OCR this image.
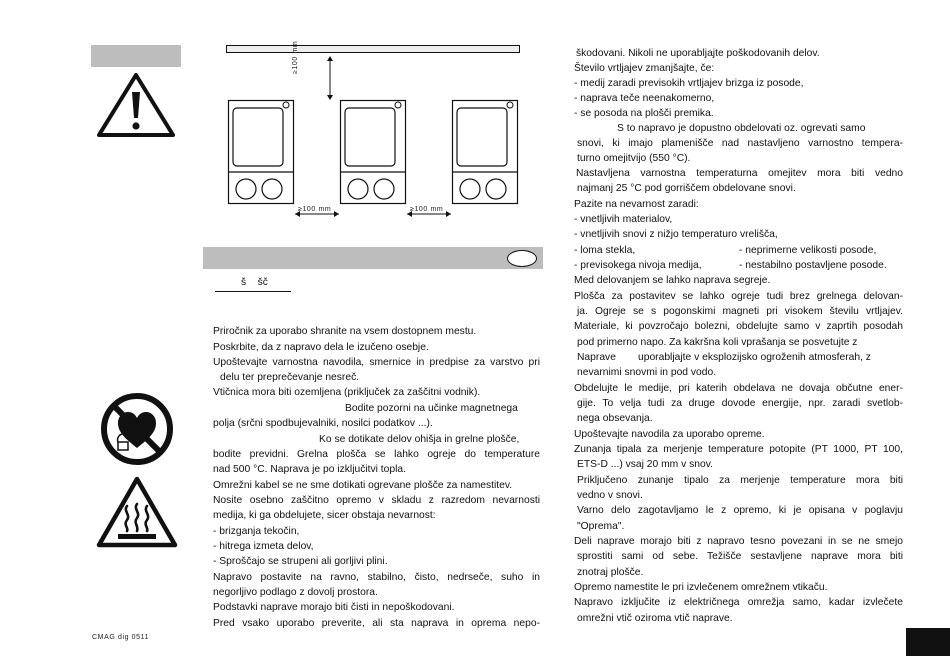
≥100 mm
≥100 mm	≥100 mm
š    šč
Priročnik za uporabo shranite na vsem dostopnem mestu.
Poskrbite, da z napravo dela le izučeno osebje.
Upoštevajte varnostna navodila, smernice in predpise za varstvo pri
delu ter preprečevanje nesreč.
Vtičnica mora biti ozemljena (priključek za zaščitni vodnik).
Bodite pozorni na učinke magnetnega
polja (srčni spodbujevalniki, nosilci podatkov ...).
Ko se dotikate delov ohišja in grelne plošče,
bodite previdni. Grelna plošča se lahko ogreje do temperature
nad 500 °C. Naprava je po izključitvi topla.
Omrežni kabel se ne sme dotikati ogrevane plošče za namestitev.
Nosite osebno zaščitno opremo v skladu z razredom nevarnosti
medija, ki ga obdelujete, sicer obstaja nevarnost:
- brizganja tekočin,
- hitrega izmeta delov,
- Sproščajo se strupeni ali gorljivi plini.
Napravo postavite na ravno, stabilno, čisto, nedrseče, suho in
negorljivo podlago z dovolj prostora.
Podstavki naprave morajo biti čisti in nepoškodovani.
Pred vsako uporabo preverite, ali sta naprava in oprema nepo-
škodovani. Nikoli ne uporabljajte poškodovanih delov.
Število vrtljajev zmanjšajte, če:
- medij zaradi previsokih vrtljajev brizga iz posode,
- naprava teče neenakomerno,
- se posoda na plošči premika.
S to napravo je dopustno obdelovati oz. ogrevati samo
snovi, ki imajo plamenišče nad nastavljeno varnostno tempera-
turno omejitvijo (550 °C).
Nastavljena varnostna temperaturna omejitev mora biti vedno
najmanj 25 °C pod gorriščem obdelovane snovi.
Pazite na nevarnost zaradi:
- vnetljivih materialov,
- vnetljivih snovi z nižjo temperaturo vrelišča,
- loma stekla,	- neprimerne velikosti posode,
- previsokega nivoja medija,	- nestabilno postavljene posode.
Med delovanjem se lahko naprava segreje.
Plošča za postavitev se lahko ogreje tudi brez grelnega delovan-
ja. Ogreje se s pogonskimi magneti pri visokem številu vrtljajev.
Materiale, ki povzročajo bolezni, obdelujte samo v zaprtih posodah
pod primerno napo. Za kakršna koli vprašanja se posvetujte z
Naprave uporabljajte v eksplozijsko ogroženih atmosferah, z
nevarnimi snovmi in pod vodo.
Obdelujte le medije, pri katerih obdelava ne dovaja občutne ener-
gije. To velja tudi za druge dovode energije, npr. zaradi svetlob-
nega obsevanja.
Upoštevajte navodila za uporabo opreme.
Zunanja tipala za merjenje temperature potopite (PT 1000, PT 100,
ETS-D ...) vsaj 20 mm v snov.
Priključeno zunanje tipalo za merjenje temperature mora biti
vedno v snovi.
Varno delo zagotavljamo le z opremo, ki je opisana v poglavju
"Oprema".
Deli naprave morajo biti z napravo tesno povezani in se ne smejo
sprostiti sami od sebe. Težišče sestavljene naprave mora biti
znotraj plošče.
Opremo namestite le pri izvlečenem omrežnem vtikaču.
Napravo izključite iz električnega omrežja samo, kadar izvlečete
omrežni vtič oziroma vtič naprave.
CMAG dig 0511
